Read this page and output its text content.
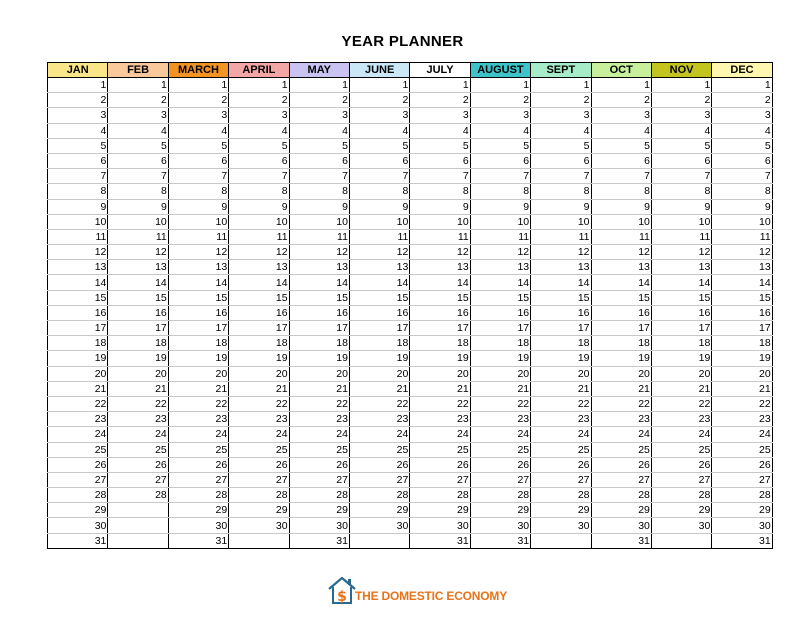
YEAR PLANNER
JAN	FEB	MARCH	APRIL	MAY	JUNE	JULY	AUGUST	SEPT	OCT	NOV	DEC
1	1	1	1	1	1	1	1	1	1	1	1
2	2	2	2	2	2	2	2	2	2	2	2
3	3	3	3	3	3	3	3	3	3	3	3
4	4	4	4	4	4	4	4	4	4	4	4
5	5	5	5	5	5	5	5	5	5	5	5
6	6	6	6	6	6	6	6	6	6	6	6
7	7	7	7	7	7	7	7	7	7	7	7
8	8	8	8	8	8	8	8	8	8	8	8
9	9	9	9	9	9	9	9	9	9	9	9
10	10	10	10	10	10	10	10	10	10	10	10
11	11	11	11	11	11	11	11	11	11	11	11
12	12	12	12	12	12	12	12	12	12	12	12
13	13	13	13	13	13	13	13	13	13	13	13
14	14	14	14	14	14	14	14	14	14	14	14
15	15	15	15	15	15	15	15	15	15	15	15
16	16	16	16	16	16	16	16	16	16	16	16
17	17	17	17	17	17	17	17	17	17	17	17
18	18	18	18	18	18	18	18	18	18	18	18
19	19	19	19	19	19	19	19	19	19	19	19
20	20	20	20	20	20	20	20	20	20	20	20
21	21	21	21	21	21	21	21	21	21	21	21
22	22	22	22	22	22	22	22	22	22	22	22
23	23	23	23	23	23	23	23	23	23	23	23
24	24	24	24	24	24	24	24	24	24	24	24
25	25	25	25	25	25	25	25	25	25	25	25
26	26	26	26	26	26	26	26	26	26	26	26
27	27	27	27	27	27	27	27	27	27	27	27
28	28	28	28	28	28	28	28	28	28	28	28
29		29	29	29	29	29	29	29	29	29	29
30		30	30	30	30	30	30	30	30	30	30
31		31		31		31	31		31		31
$ THE DOMESTIC ECONOMY
